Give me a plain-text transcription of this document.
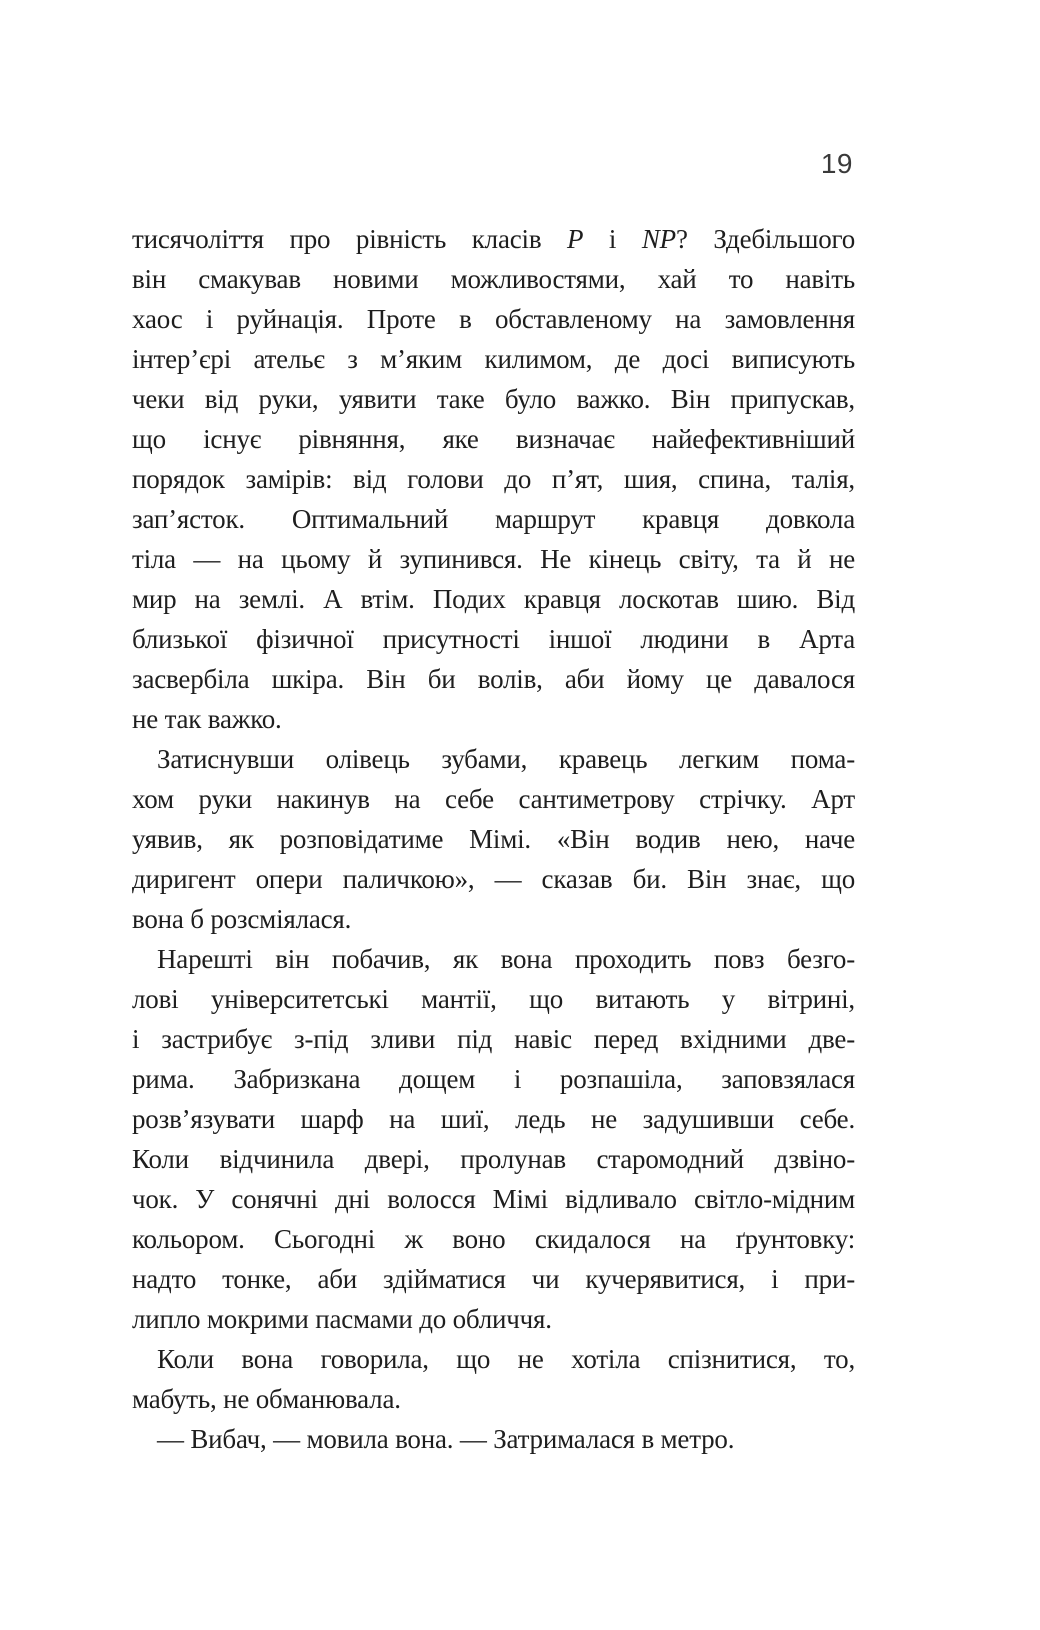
19
тисячоліття про рівність класів P і NP? Здебільшого
він смакував новими можливостями, хай то навіть
хаос і руйнація. Проте в обставленому на замовлення
інтер’єрі ательє з м’яким килимом, де досі виписують
чеки від руки, уявити таке було важко. Він припускав,
що існує рівняння, яке визначає найефективніший
порядок замірів: від голови до п’ят, шия, спина, талія,
зап’ясток. Оптимальний маршрут кравця довкола
тіла — на цьому й зупинився. Не кінець світу, та й не
мир на землі. А втім. Подих кравця лоскотав шию. Від
близької фізичної присутності іншої людини в Арта
засвербіла шкіра. Він би волів, аби йому це давалося
не так важко.
Затиснувши олівець зубами, кравець легким пома-
хом руки накинув на себе сантиметрову стрічку. Арт
уявив, як розповідатиме Мімі. «Він водив нею, наче
диригент опери паличкою», — сказав би. Він знає, що
вона б розсміялася.
Нарешті він побачив, як вона проходить повз безго-
лові університетські мантії, що витають у вітрині,
і застрибує з-під зливи під навіс перед вхідними две-
рима. Забризкана дощем і розпашіла, заповзялася
розв’язувати шарф на шиї, ледь не задушивши себе.
Коли відчинила двері, пролунав старомодний дзвіно-
чок. У сонячні дні волосся Мімі відливало світло-мідним
кольором. Сьогодні ж воно скидалося на ґрунтовку:
надто тонке, аби здійматися чи кучерявитися, і при-
липло мокрими пасмами до обличчя.
Коли вона говорила, що не хотіла спізнитися, то,
мабуть, не обманювала.
— Вибач, — мовила вона. — Затрималася в метро.
